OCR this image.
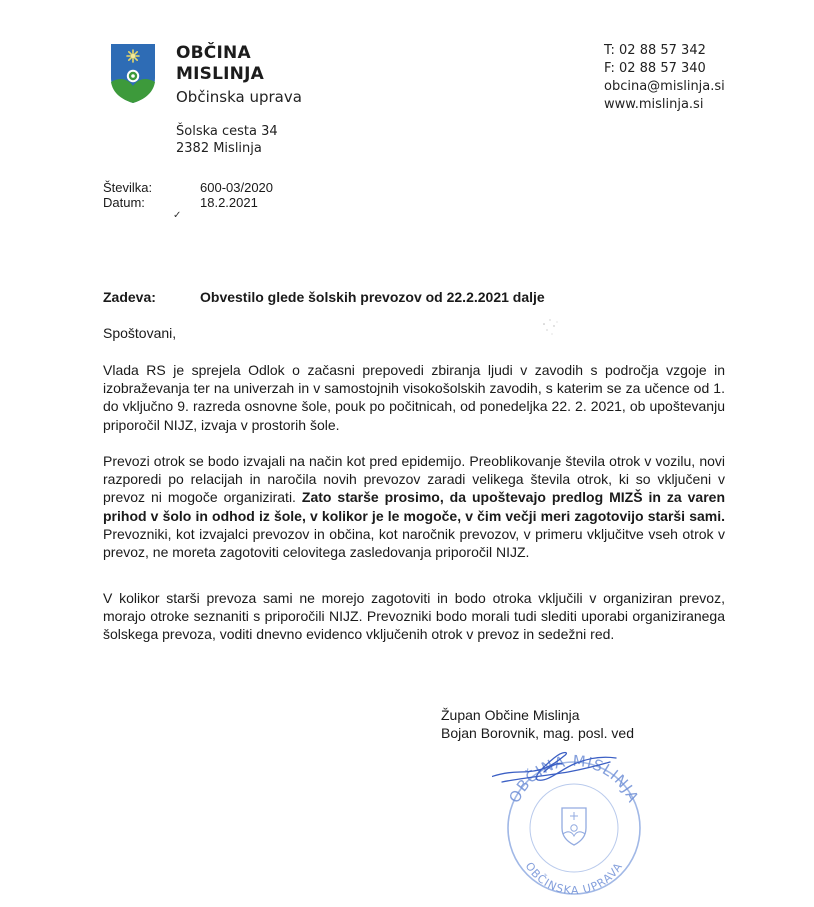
OBČINA
MISLINJA
Občinska uprava
T: 02 88 57 342
F: 02 88 57 340
obcina@mislinja.si
www.mislinja.si
Šolska cesta 34
2382 Mislinja
Številka:	600-03/2020
Datum:	18.2.2021
✓
Zadeva:	Obvestilo glede šolskih prevozov od 22.2.2021 dalje
Spoštovani,
Vlada RS je sprejela Odlok o začasni prepovedi zbiranja ljudi v zavodih s področja vzgoje in izobraževanja ter na univerzah in v samostojnih visokošolskih zavodih, s katerim se za učence od 1. do vključno 9. razreda osnovne šole, pouk po počitnicah, od ponedeljka 22. 2. 2021, ob upoštevanju priporočil NIJZ, izvaja v prostorih šole.
Prevozi otrok se bodo izvajali na način kot pred epidemijo. Preoblikovanje števila otrok v vozilu, novi razporedi po relacijah in naročila novih prevozov zaradi velikega števila otrok, ki so vključeni v prevoz ni mogoče organizirati. Zato starše prosimo, da upoštevajo predlog MIZŠ in za varen prihod v šolo in odhod iz šole, v kolikor je le mogoče, v čim večji meri zagotovijo starši sami. Prevozniki, kot izvajalci prevozov in občina, kot naročnik prevozov, v primeru vključitve vseh otrok v prevoz, ne moreta zagotoviti celovitega zasledovanja priporočil NIJZ.
V kolikor starši prevoza sami ne morejo zagotoviti in bodo otroka vključili v organiziran prevoz, morajo otroke seznaniti s priporočili NIJZ. Prevozniki bodo morali tudi slediti uporabi organiziranega šolskega prevoza, voditi dnevno evidenco vključenih otrok v prevoz in sedežni red.
Župan Občine Mislinja
Bojan Borovnik, mag. posl. ved
OBČINA MISLINJA
OBČINSKA UPRAVA
